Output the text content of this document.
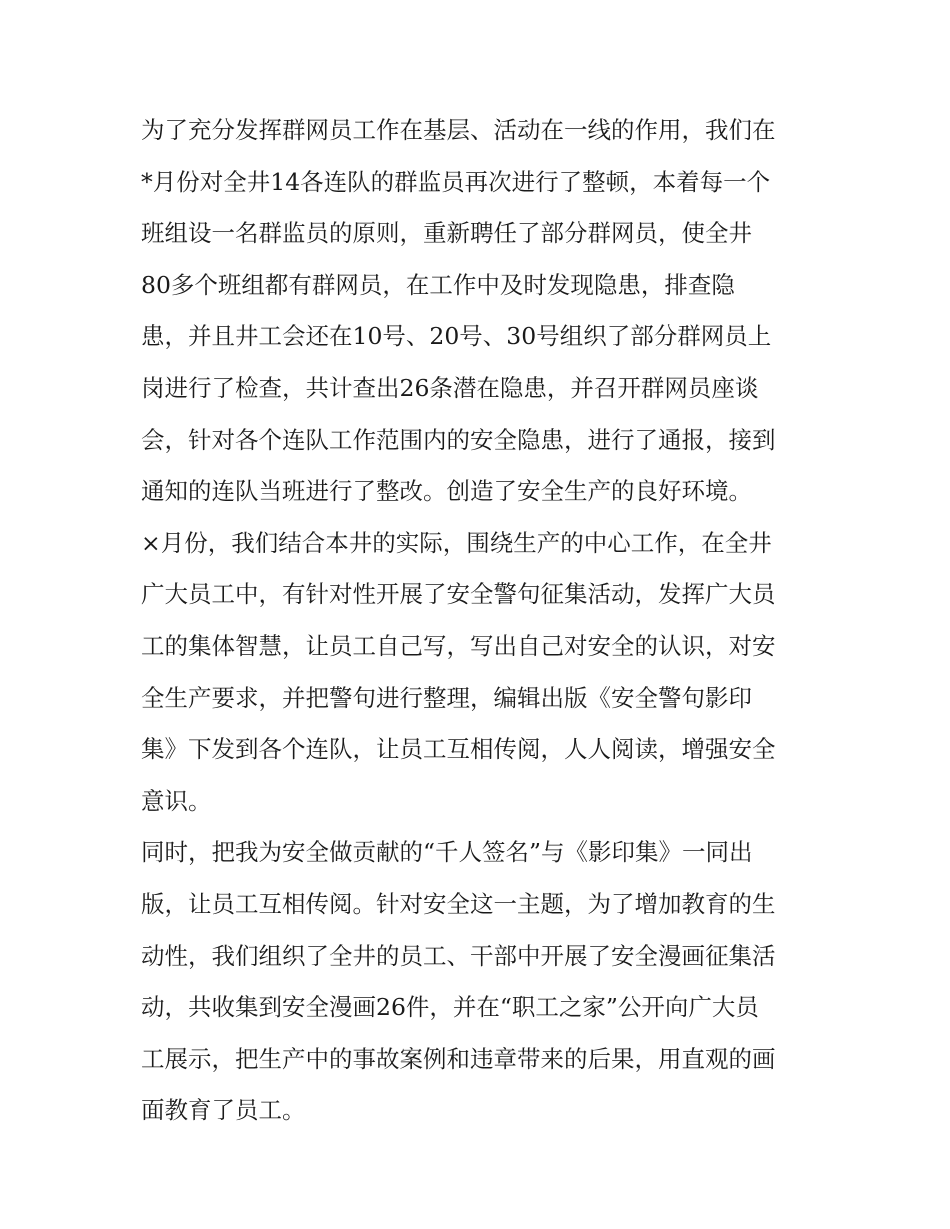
为了充分发挥群网员工作在基层、活动在一线的作用，我们在
*月份对全井14各连队的群监员再次进行了整顿，本着每一个
班组设一名群监员的原则，重新聘任了部分群网员，使全井
80多个班组都有群网员，在工作中及时发现隐患，排查隐
患，并且井工会还在10号、20号、30号组织了部分群网员上
岗进行了检查，共计查出26条潜在隐患，并召开群网员座谈
会，针对各个连队工作范围内的安全隐患，进行了通报，接到
通知的连队当班进行了整改。创造了安全生产的良好环境。
×月份，我们结合本井的实际，围绕生产的中心工作，在全井
广大员工中，有针对性开展了安全警句征集活动，发挥广大员
工的集体智慧，让员工自己写，写出自己对安全的认识，对安
全生产要求，并把警句进行整理，编辑出版《安全警句影印
集》下发到各个连队，让员工互相传阅，人人阅读，增强安全
意识。
同时，把我为安全做贡献的“千人签名”与《影印集》一同出
版，让员工互相传阅。针对安全这一主题，为了增加教育的生
动性，我们组织了全井的员工、干部中开展了安全漫画征集活
动，共收集到安全漫画26件，并在“职工之家”公开向广大员
工展示，把生产中的事故案例和违章带来的后果，用直观的画
面教育了员工。
